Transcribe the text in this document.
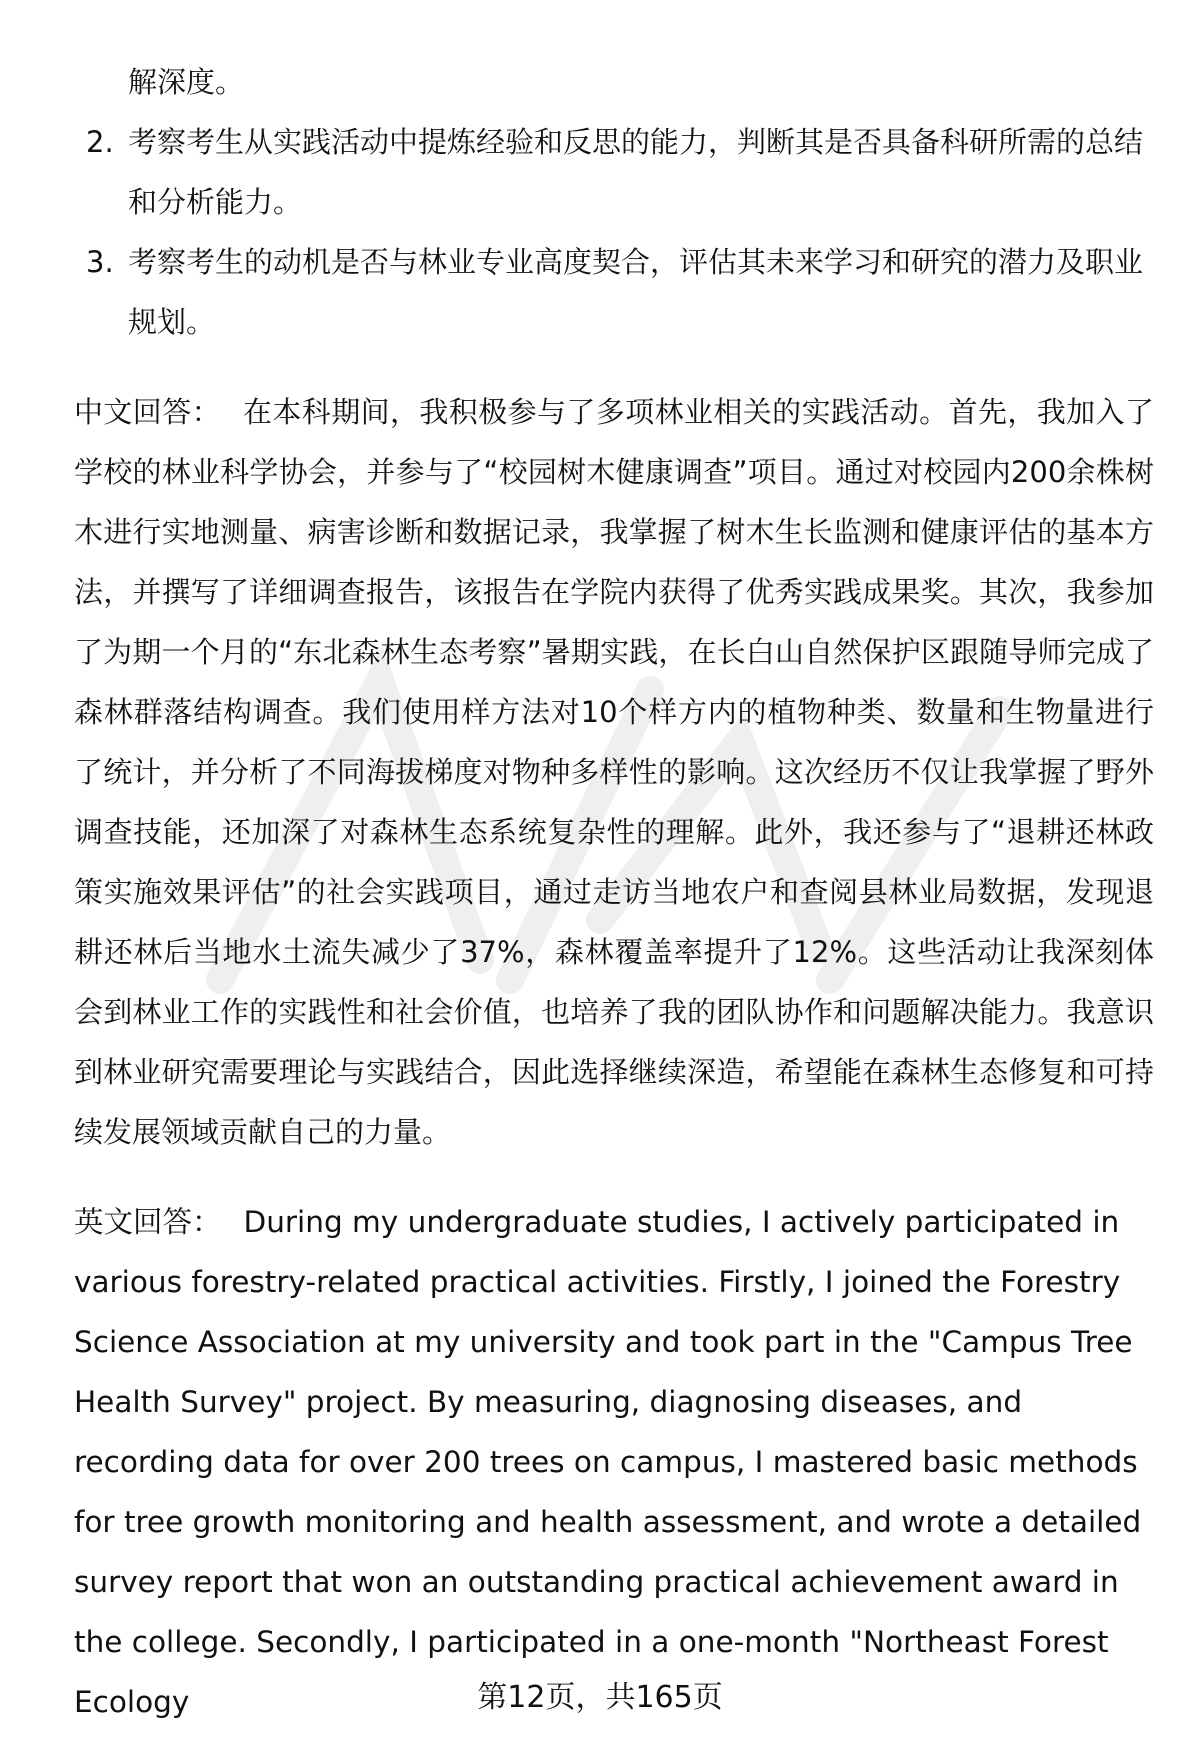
解深度。

2. 考察考生从实践活动中提炼经验和反思的能力，判断其是否具备科研所需的总结和分析能力。
3. 考察考生的动机是否与林业专业高度契合，评估其未来学习和研究的潜力及职业规划。

中文回答： 在本科期间，我积极参与了多项林业相关的实践活动。首先，我加入了学校的林业科学协会，并参与了“校园树木健康调查”项目。通过对校园内200余株树木进行实地测量、病害诊断和数据记录，我掌握了树木生长监测和健康评估的基本方法，并撰写了详细调查报告，该报告在学院内获得了优秀实践成果奖。其次，我参加了为期一个月的“东北森林生态考察”暑期实践，在长白山自然保护区跟随导师完成了森林群落结构调查。我们使用样方法对10个样方内的植物种类、数量和生物量进行了统计，并分析了不同海拔梯度对物种多样性的影响。这次经历不仅让我掌握了野外调查技能，还加深了对森林生态系统复杂性的理解。此外，我还参与了“退耕还林政策实施效果评估”的社会实践项目，通过走访当地农户和查阅县林业局数据，发现退耕还林后当地水土流失减少了37%，森林覆盖率提升了12%。这些活动让我深刻体会到林业工作的实践性和社会价值，也培养了我的团队协作和问题解决能力。我意识到林业研究需要理论与实践结合，因此选择继续深造，希望能在森林生态修复和可持续发展领域贡献自己的力量。

英文回答： During my undergraduate studies, I actively participated in various forestry-related practical activities. Firstly, I joined the Forestry Science Association at my university and took part in the "Campus Tree Health Survey" project. By measuring, diagnosing diseases, and recording data for over 200 trees on campus, I mastered basic methods for tree growth monitoring and health assessment, and wrote a detailed survey report that won an outstanding practical achievement award in the college. Secondly, I participated in a one-month "Northeast Forest Ecology	第12页，共165页
